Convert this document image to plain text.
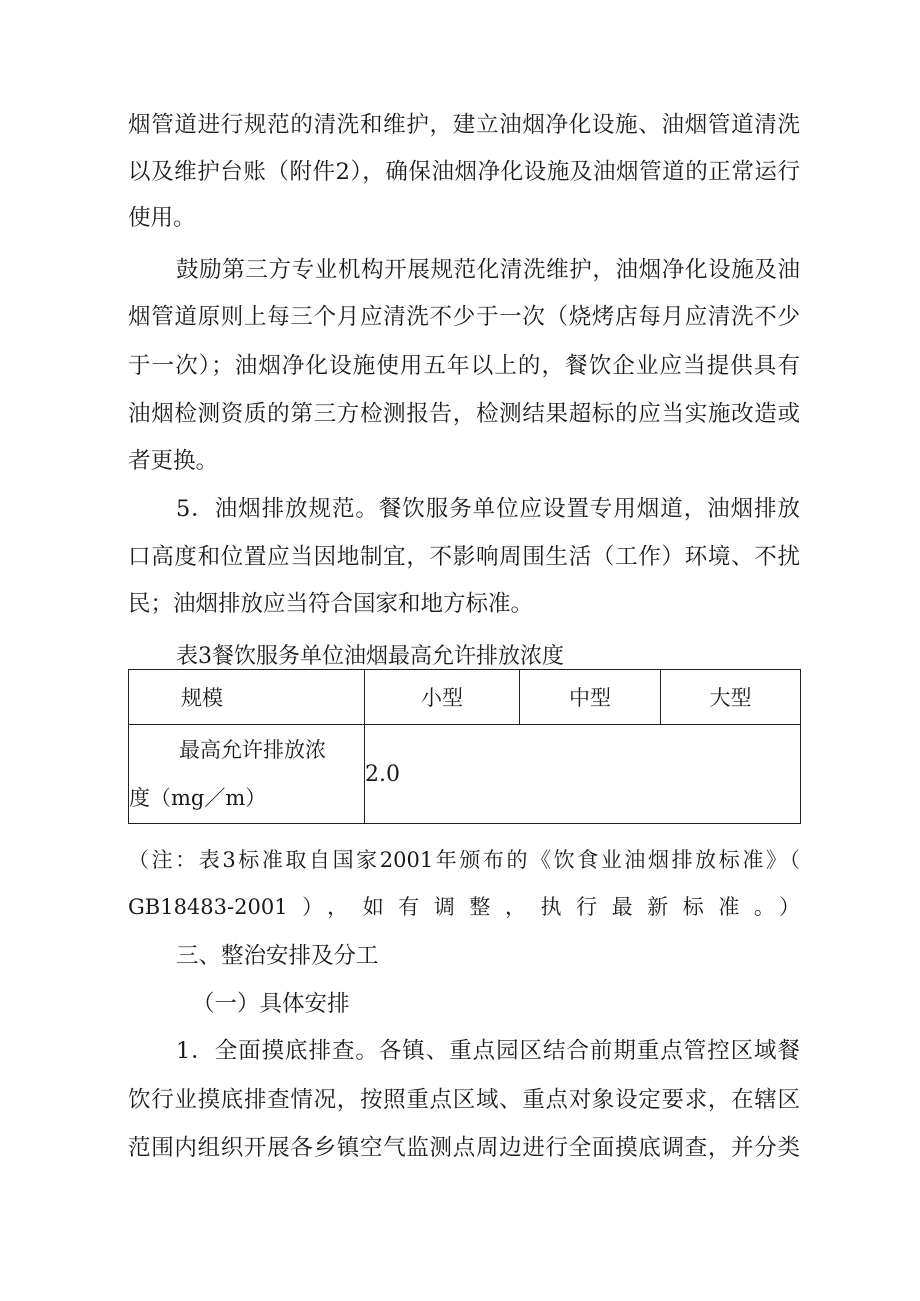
烟管道进行规范的清洗和维护，建立油烟净化设施、油烟管道清洗
以及维护台账（附件2），确保油烟净化设施及油烟管道的正常运行
使用。
鼓励第三方专业机构开展规范化清洗维护，油烟净化设施及油
烟管道原则上每三个月应清洗不少于一次（烧烤店每月应清洗不少
于一次）；油烟净化设施使用五年以上的，餐饮企业应当提供具有
油烟检测资质的第三方检测报告，检测结果超标的应当实施改造或
者更换。
5．油烟排放规范。餐饮服务单位应设置专用烟道，油烟排放
口高度和位置应当因地制宜，不影响周围生活（工作）环境、不扰
民；油烟排放应当符合国家和地方标准。
表3餐饮服务单位油烟最高允许排放浓度
规模	小型	中型	大型

最高允许排放浓
度（mg／m）	2.0		
（注：表3标准取自国家2001年颁布的《饮食业油烟排放标准》（
GB18483-2001），如有调整，执行最新标准。）
三、整治安排及分工
（一）具体安排
1．全面摸底排查。各镇、重点园区结合前期重点管控区域餐
饮行业摸底排查情况，按照重点区域、重点对象设定要求，在辖区
范围内组织开展各乡镇空气监测点周边进行全面摸底调查，并分类
